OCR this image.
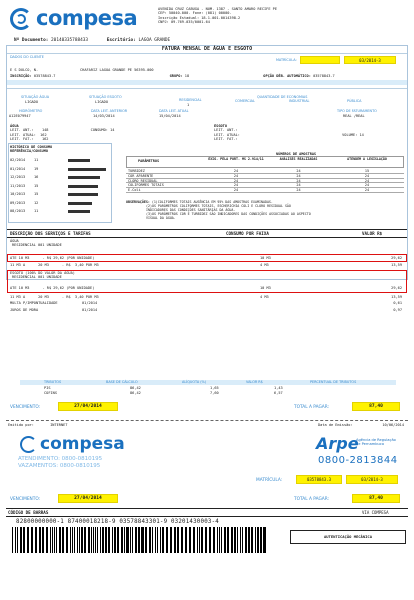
compesa	AVENIDA CRUZ CABUGA - NUM. 1387 - SANTO AMARO RECIFE PE
CEP: 50040-000. Fone: (081) 00000-
Inscrição Estadual: 18.1.001.0014398-2
CNPJ: 09.769.035/0001-64
Nº Documento: 20140335788433	Escritório: LAGOA GRANDE
FATURA MENSAL DE ÁGUA E ESGOTO
DADOS DO CLIENTE
MATRÍCULA:	03/2014-3
E S DULCO, N.	CHAFARIZ LAGOA GRANDE PE 56395-000
INSCRIÇÃO: 03578843.7	GRUPO: 18	OPÇÃO DÉB. AUTOMÁTICO: 03578843.7
SITUAÇÃO ÁGUA
LIGADO
SITUAÇÃO ESGOTO
LIGADO	RESIDENCIAL
1
QUANTIDADE DE ECONOMIAS
COMERCIAL	INDUSTRIAL	PÚBLICA
HIDRÔMETRO
A12E079947
DATA LEIT. ANTERIOR
14/03/2014
DATA LEIT. ATUAL
15/04/2014
TIPO DE FATURAMENTO
REAL /REAL
ÁGUA
LEIT. ANT.: 148	CONSUMO: 14
LEIT. ATUAL: 162
LEIT. FAT.: 162
ESGOTO
LEIT. ANT.:
LEIT. ATUAL:	VOLUME: 14
LEIT. FAT.:
HISTÓRICO DE CONSUMO
REFERÊNCIA/CONSUMO
02/2014 11
01/2014 19
12/2013 16
11/2013 15
10/2013 15
09/2013 12
08/2013 11
NÚMEROS DE AMOSTRAS
PARÂMETROS	EXIG. PELA PORT. MS 2.914/11	ANÁLISES REALIZADAS	ATENDEM A LEGISLAÇÃO
TURBIDEZ	24	24	15
COR APARENTE	24	24	24
CLORO RESIDUAL	24	24	24
COLIFORMES TOTAIS	24	24	24
E.Coli	24	24	24
OBSERVAÇÕES: (1)COLIFORMES TOTAIS AUSÊNCIA EM 95% DAS AMOSTRAS EXAMINADAS.
(2)OS PARÂMETROS COLIFORMES TOTAIS, ESCHERICHIA COLI E CLORO RESIDUAL SÃO
INDICADORES DAS CONDIÇÕES SANITÁRIAS DA ÁGUA.
(3)OS PARÂMETROS COR E TURBIDEZ SÃO INDICADORES DAS CONDIÇÕES ASSOCIADAS AO ASPECTO
VISUAL DA ÁGUA.
DESCRIÇÃO DOS SERVIÇOS E TARIFAS	CONSUMO POR FAIXA	VALOR R$
ÁGUA
RESIDENCIAL 001 UNIDADE
ATE 10 M3      - R$ 29,62 (POR UNIDADE)	10 M3	29,62
11 M3 A      20 M3      - R$  3,40 POR M3	4 M3	13,59
ESGOTO (100% DO VALOR DA ÁGUA)
RESIDENCIAL 001 UNIDADE
ATE 10 M3      - R$ 29,62 (POR UNIDADE)	10 M3	29,62
11 M3 A      20 M3      - R$  3,40 POR M3	4 M3	13,59
MULTA P/IMPONTUALIDADE	01/2014	0,61
JUROS DE MORA	01/2014	0,97
TRIBUTOS	BASE DE CÁLCULO	ALÍQUOTA (%)	VALOR R$	PERCENTUAL DE TRIBUTOS
PIS	86,42	1,65	1,43
COFINS	86,42	7,60	6,57
VENCIMENTO:	27/04/2014	TOTAL A PAGAR:	87,40
Emitido por:	INTERNET	Data de Emissão:	10/06/2014
compesa
ATENDIMENTO: 0800-0810195
VAZAMENTOS: 0800-0810195
Arpe
Agência de Regulação
de Pernambuco
0800-2813844
MATRÍCULA:	03578843.3	03/2014-3
VENCIMENTO:	27/04/2014	TOTAL A PAGAR:	87,40
CÓDIGO DE BARRAS	VIA COMPESA
82800000000-1 87400018218-9 03578843301-9 03201430003-4
AUTENTICAÇÃO MECÂNICA
